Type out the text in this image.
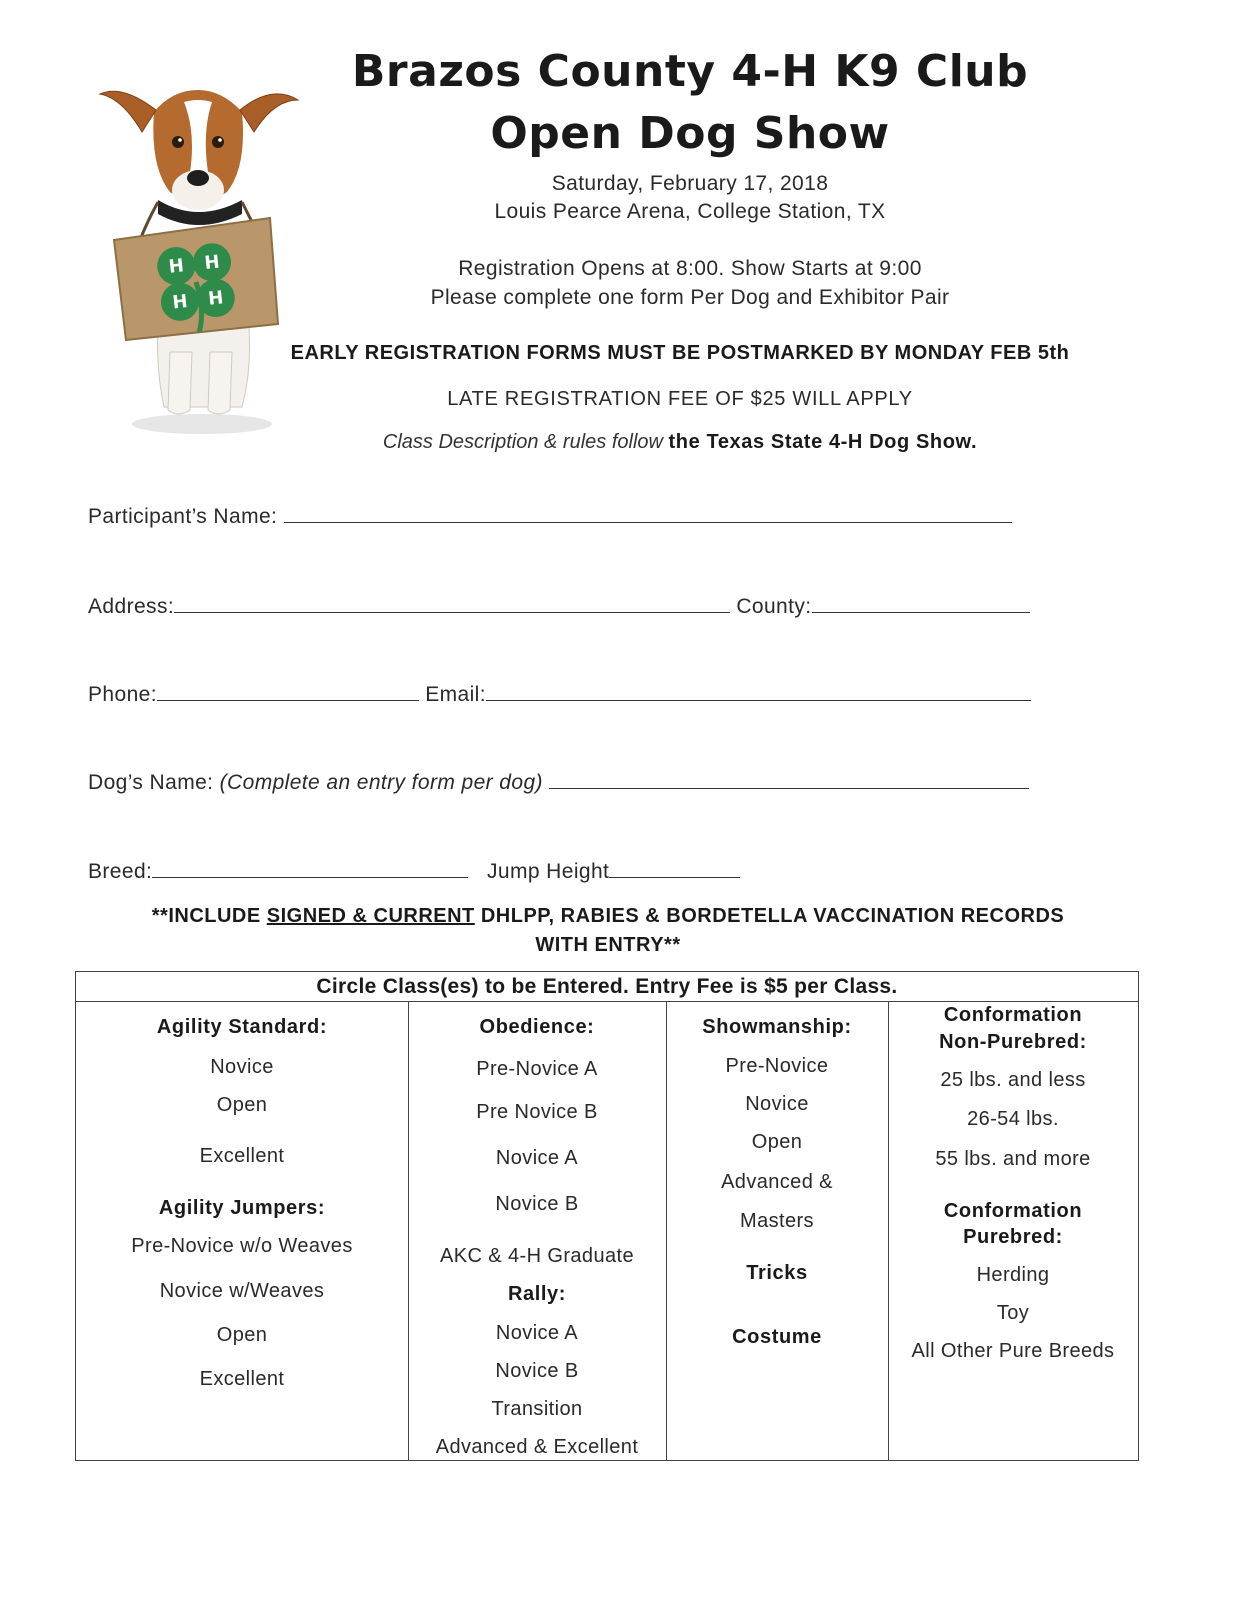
H H
H H
Brazos County 4-H K9 Club
Open Dog Show
Saturday, February 17, 2018
Louis Pearce Arena, College Station, TX
Registration Opens at 8:00. Show Starts at 9:00
Please complete one form Per Dog and Exhibitor Pair
EARLY REGISTRATION FORMS MUST BE POSTMARKED BY MONDAY FEB 5th
LATE REGISTRATION FEE OF $25 WILL APPLY
Class Description & rules follow the Texas State 4-H Dog Show.
Participant’s Name:
Address:	County:
Phone:	Email:
Dog’s Name: (Complete an entry form per dog)
Breed:	Jump Height
**INCLUDE SIGNED & CURRENT DHLPP, RABIES & BORDETELLA VACCINATION RECORDS
WITH ENTRY**
Circle Class(es) to be Entered. Entry Fee is $5 per Class.
Agility Standard:
Novice
Open
Excellent
Agility Jumpers:
Pre-Novice w/o Weaves
Novice w/Weaves
Open
Excellent
Obedience:
Pre-Novice A
Pre Novice B
Novice A
Novice B
AKC & 4-H Graduate
Rally:
Novice A
Novice B
Transition
Advanced & Excellent
Showmanship:
Pre-Novice
Novice
Open
Advanced &
Masters
Tricks
Costume
Conformation
Non-Purebred:
25 lbs. and less
26-54 lbs.
55 lbs. and more
Conformation
Purebred:
Herding
Toy
All Other Pure Breeds
